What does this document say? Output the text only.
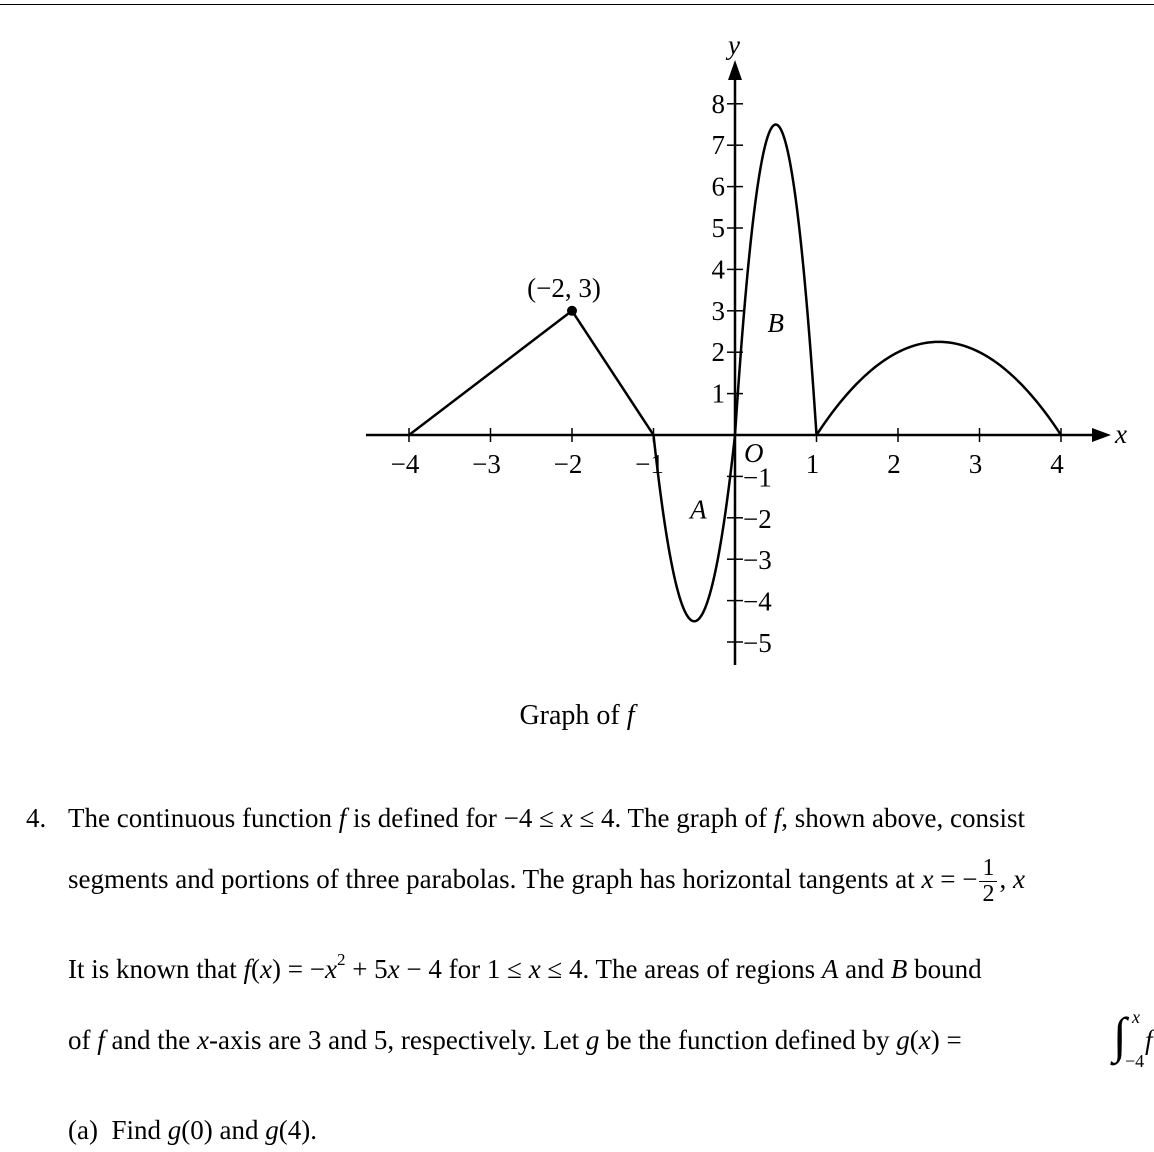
−4 −3 −2 −1	1	2	3	4
8
7
6
5
4
3
2
1
−1
−2
−3
−4
−5
(−2, 3)
x
y
O
A
B
Graph of f
4. The continuous function f is defined for −4 ≤ x ≤ 4. The graph of f, shown above, consist
segments and portions of three parabolas. The graph has horizontal tangents at x = − $\frac{1}{2}$ , x
It is known that $f(x) = -x^2 + 5x - 4$ for 1 ≤ x ≤ 4. The areas of regions A and B bound
of f and the x-axis are 3 and 5, respectively. Let g be the function defined by g(x) =	∫ x
−4
f
(a) Find g(0) and g(4).
